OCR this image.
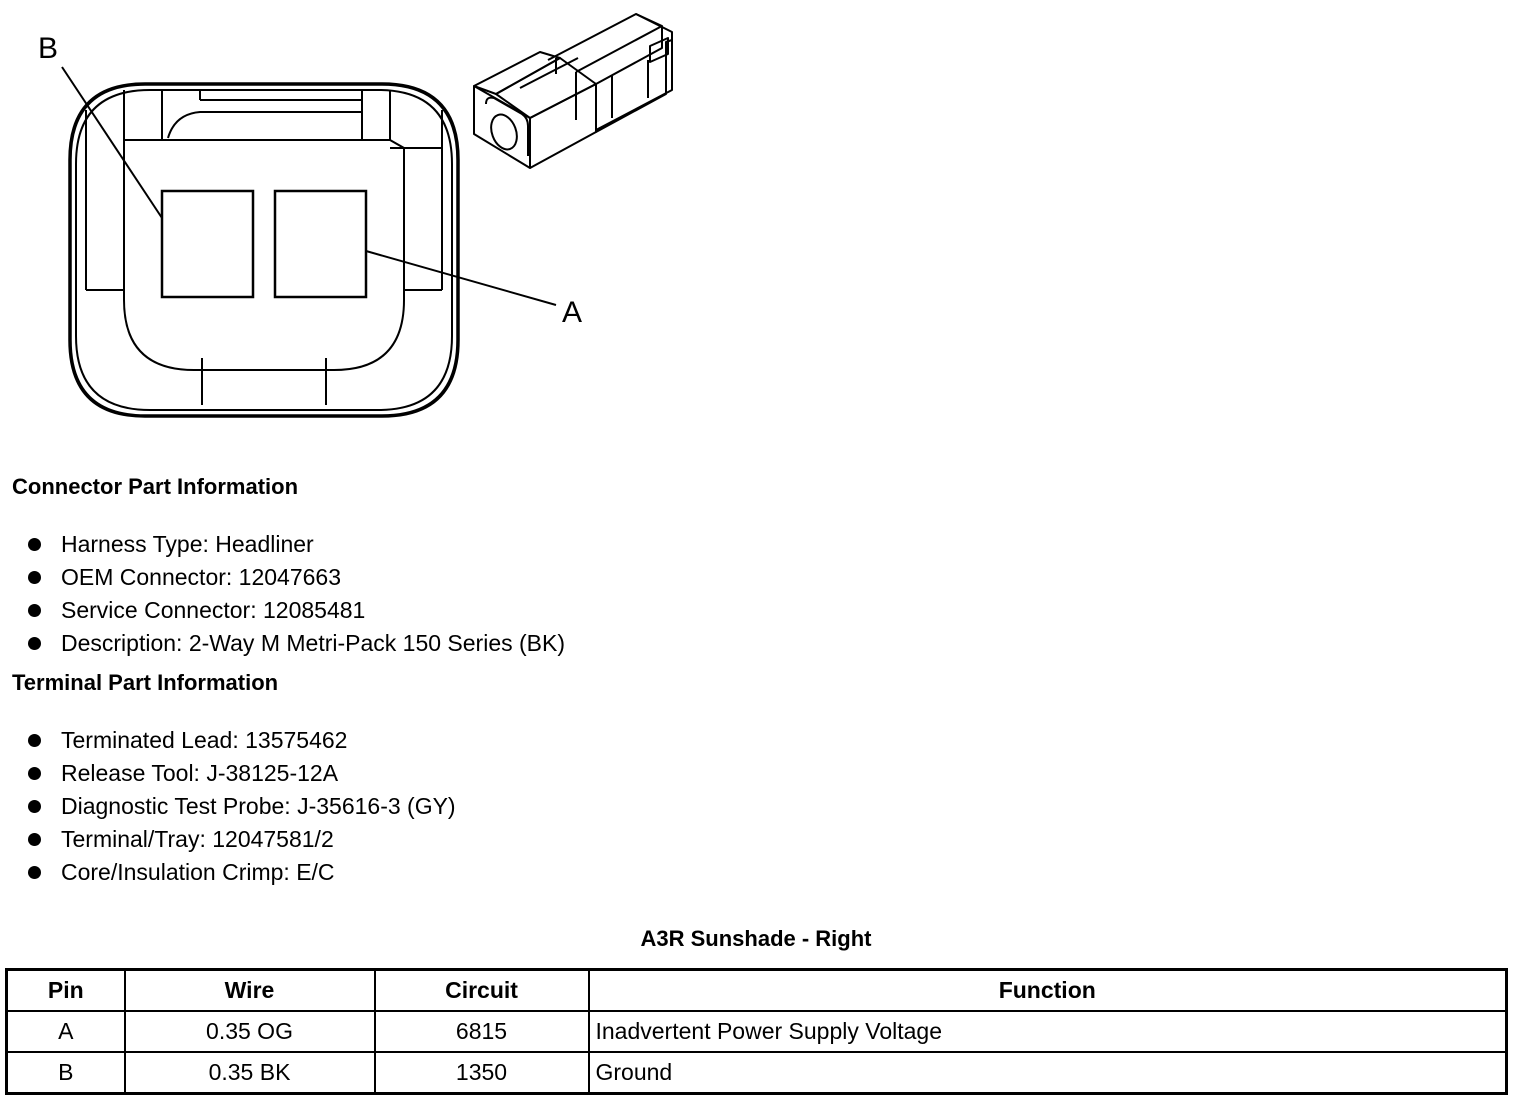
B
A
Connector Part Information
Harness Type: Headliner
OEM Connector: 12047663
Service Connector: 12085481
Description: 2-Way M Metri-Pack 150 Series (BK)
Terminal Part Information
Terminated Lead: 13575462
Release Tool: J-38125-12A
Diagnostic Test Probe: J-35616-3 (GY)
Terminal/Tray: 12047581/2
Core/Insulation Crimp: E/C
A3R Sunshade - Right
Pin	Wire	Circuit	Function
A	0.35 OG	6815	Inadvertent Power Supply Voltage
B	0.35 BK	1350	Ground
